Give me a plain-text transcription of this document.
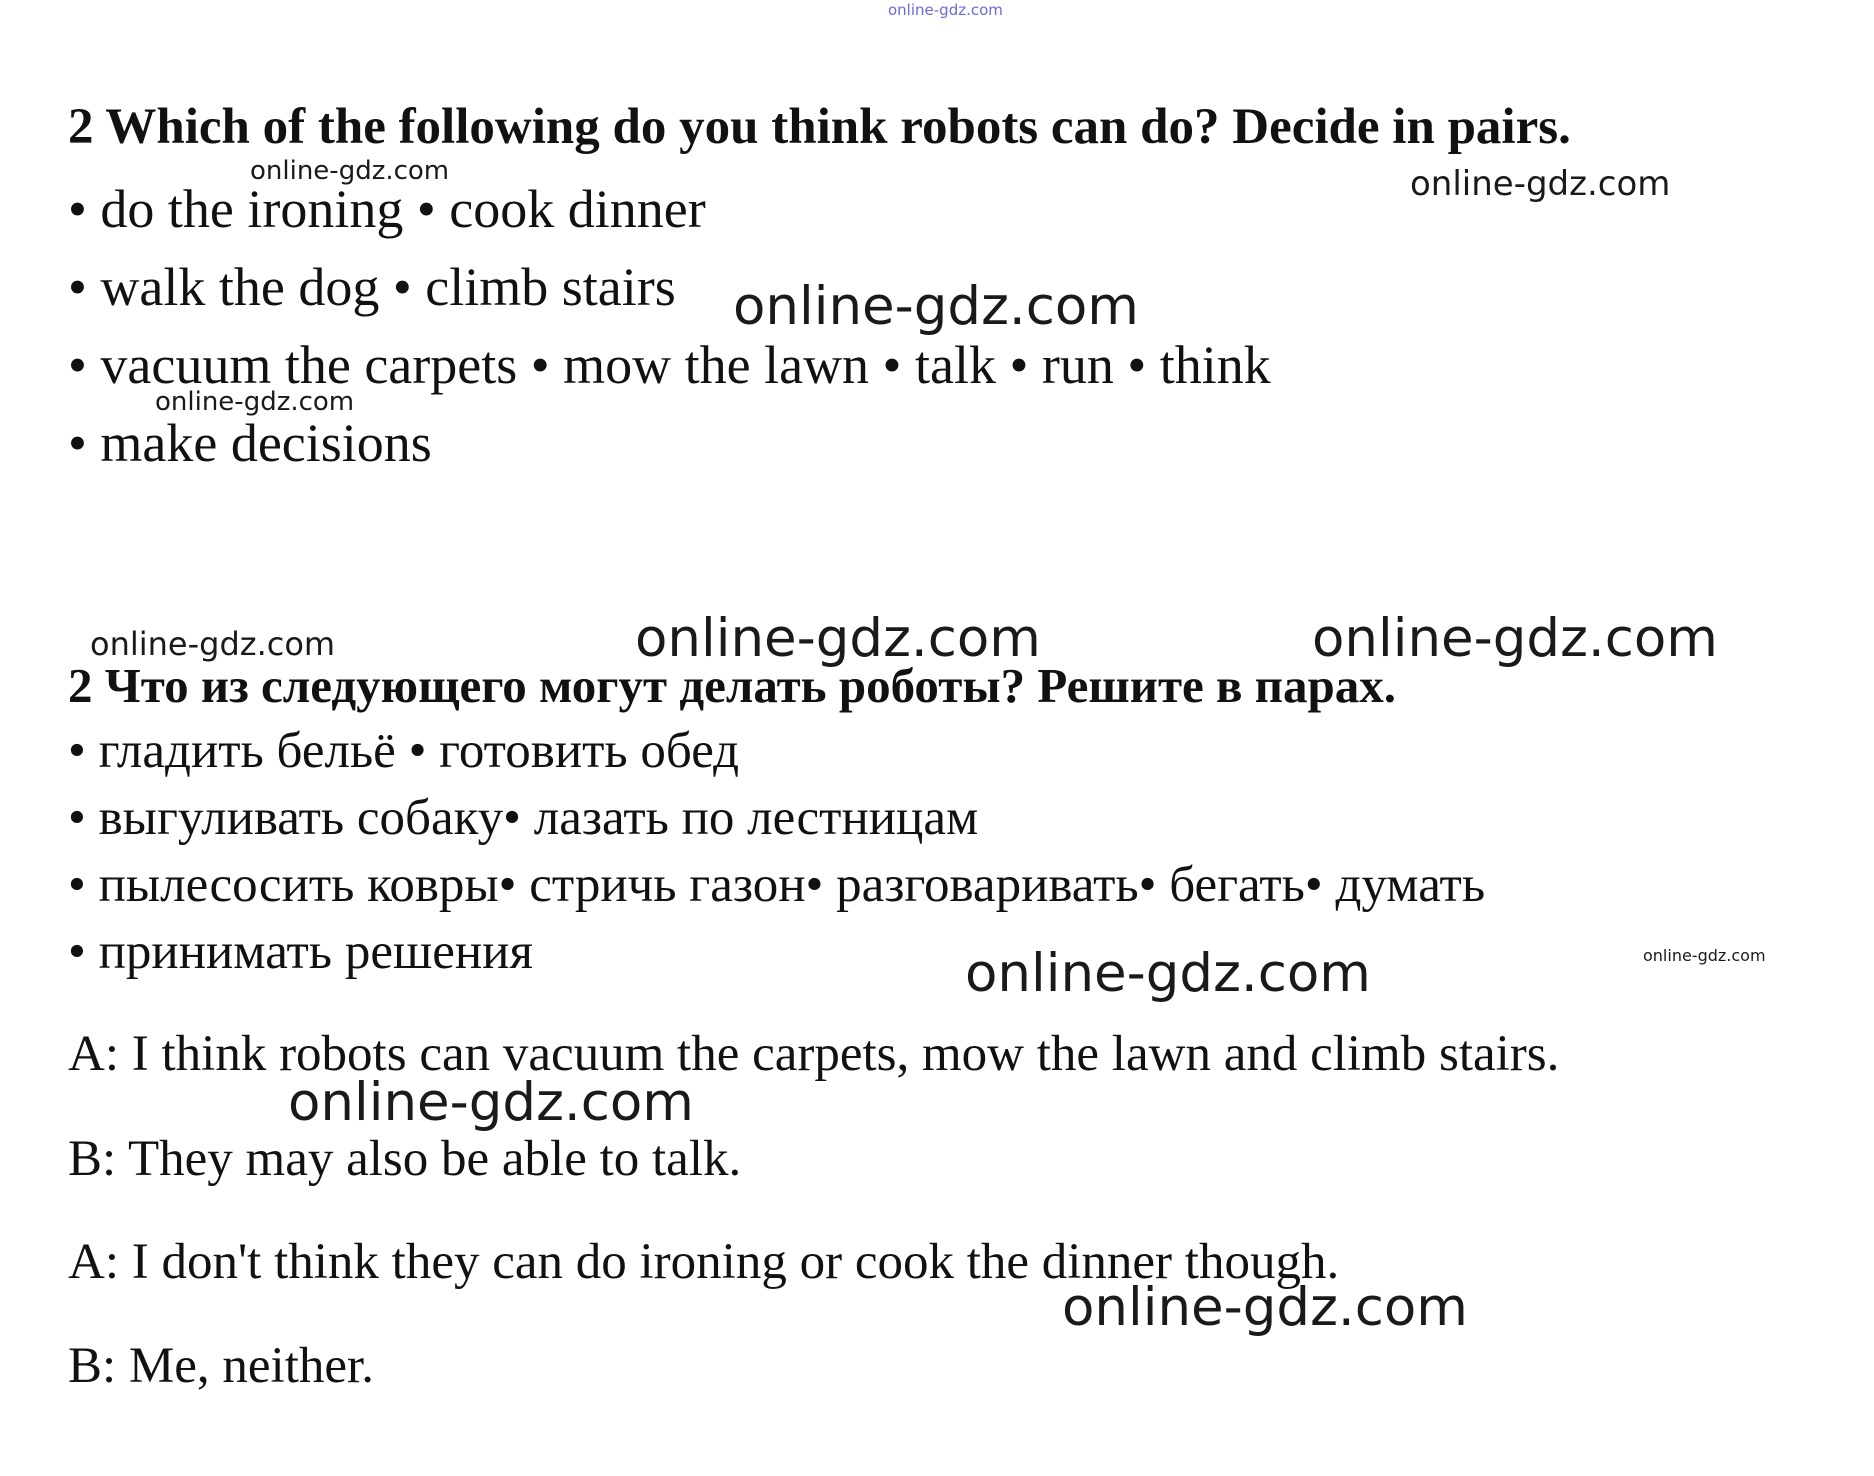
2 Which of the following do you think robots can do? Decide in pairs.
• do the ironing • cook dinner
• walk the dog • climb stairs
• vacuum the carpets • mow the lawn • talk • run • think
• make decisions
2 Что из следующего могут делать роботы? Решите в парах.
• гладить бельё • готовить обед
• выгуливать собаку• лазать по лестницам
• пылесосить ковры• стричь газон• разговаривать• бегать• думать
• принимать решения
A: I think robots can vacuum the carpets, mow the lawn and climb stairs.
B: They may also be able to talk.
A: I don't think they can do ironing or cook the dinner though.
B: Me, neither.
online-gdz.com
online-gdz.com	online-gdz.com
online-gdz.com
online-gdz.com
online-gdz.com	online-gdz.com	online-gdz.com
online-gdz.com	online-gdz.com
online-gdz.com
online-gdz.com
